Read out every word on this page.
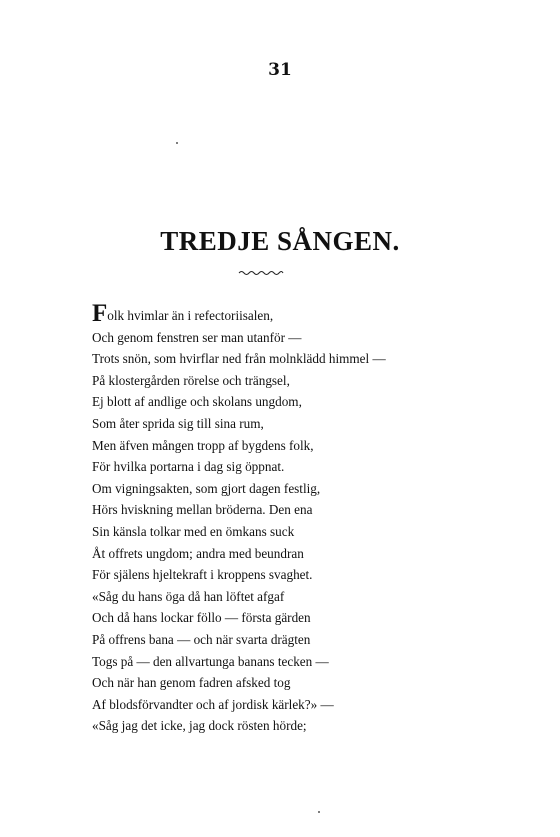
31
TREDJE SÅNGEN.
Folk hvimlar än i refectoriisalen,
Och genom fenstren ser man utanför —
Trots snön, som hvirflar ned från molnklädd himmel —
På klostergården rörelse och trängsel,
Ej blott af andlige och skolans ungdom,
Som åter sprida sig till sina rum,
Men äfven mången tropp af bygdens folk,
För hvilka portarna i dag sig öppnat.
Om vigningsakten, som gjort dagen festlig,
Hörs hviskning mellan bröderna. Den ena
Sin känsla tolkar med en ömkans suck
Åt offrets ungdom; andra med beundran
För själens hjeltekraft i kroppens svaghet.
«Såg du hans öga då han löftet afgaf
Och då hans lockar föllo — första gärden
På offrens bana — och när svarta drägten
Togs på — den allvartunga banans tecken —
Och när han genom fadren afsked tog
Af blodsförvandter och af jordisk kärlek?» —
«Såg jag det icke, jag dock rösten hörde;
